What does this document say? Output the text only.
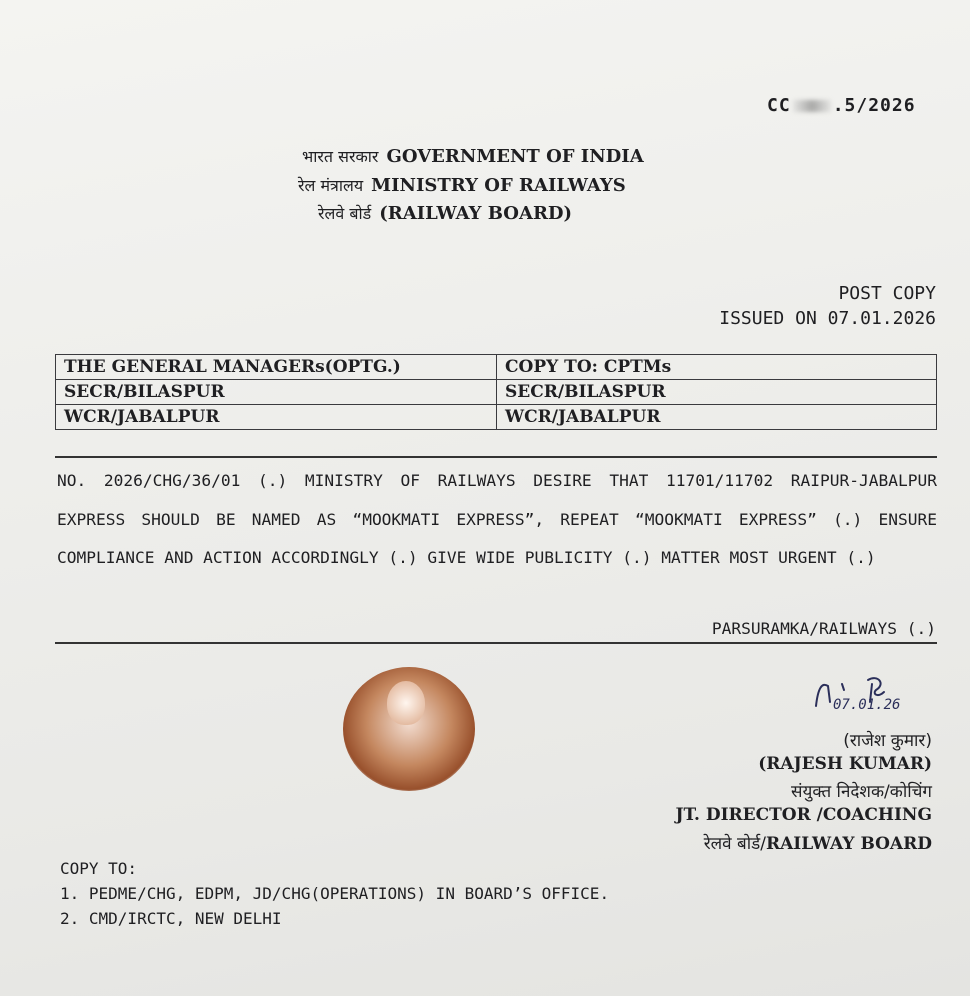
CC .5/2026
भारत सरकार GOVERNMENT OF INDIA
रेल मंत्रालय MINISTRY OF RAILWAYS
रेलवे बोर्ड (RAILWAY BOARD)
POST COPY
ISSUED ON 07.01.2026
THE GENERAL MANAGERs(OPTG.)	COPY TO: CPTMs
SECR/BILASPUR	SECR/BILASPUR
WCR/JABALPUR	WCR/JABALPUR
NO. 2026/CHG/36/01 (.) MINISTRY OF RAILWAYS DESIRE THAT 11701/11702 RAIPUR-JABALPUR EXPRESS SHOULD BE NAMED AS “MOOKMATI EXPRESS”, REPEAT “MOOKMATI EXPRESS” (.) ENSURE COMPLIANCE AND ACTION ACCORDINGLY (.) GIVE WIDE PUBLICITY (.) MATTER MOST URGENT (.)
PARSURAMKA/RAILWAYS (.)
07.01.26
(राजेश कुमार)
(RAJESH KUMAR)
संयुक्त निदेशक/कोचिंग
JT. DIRECTOR /COACHING
रेलवे बोर्ड/RAILWAY BOARD
COPY TO:
1. PEDME/CHG, EDPM, JD/CHG(OPERATIONS) IN BOARD’S OFFICE.
2. CMD/IRCTC, NEW DELHI
